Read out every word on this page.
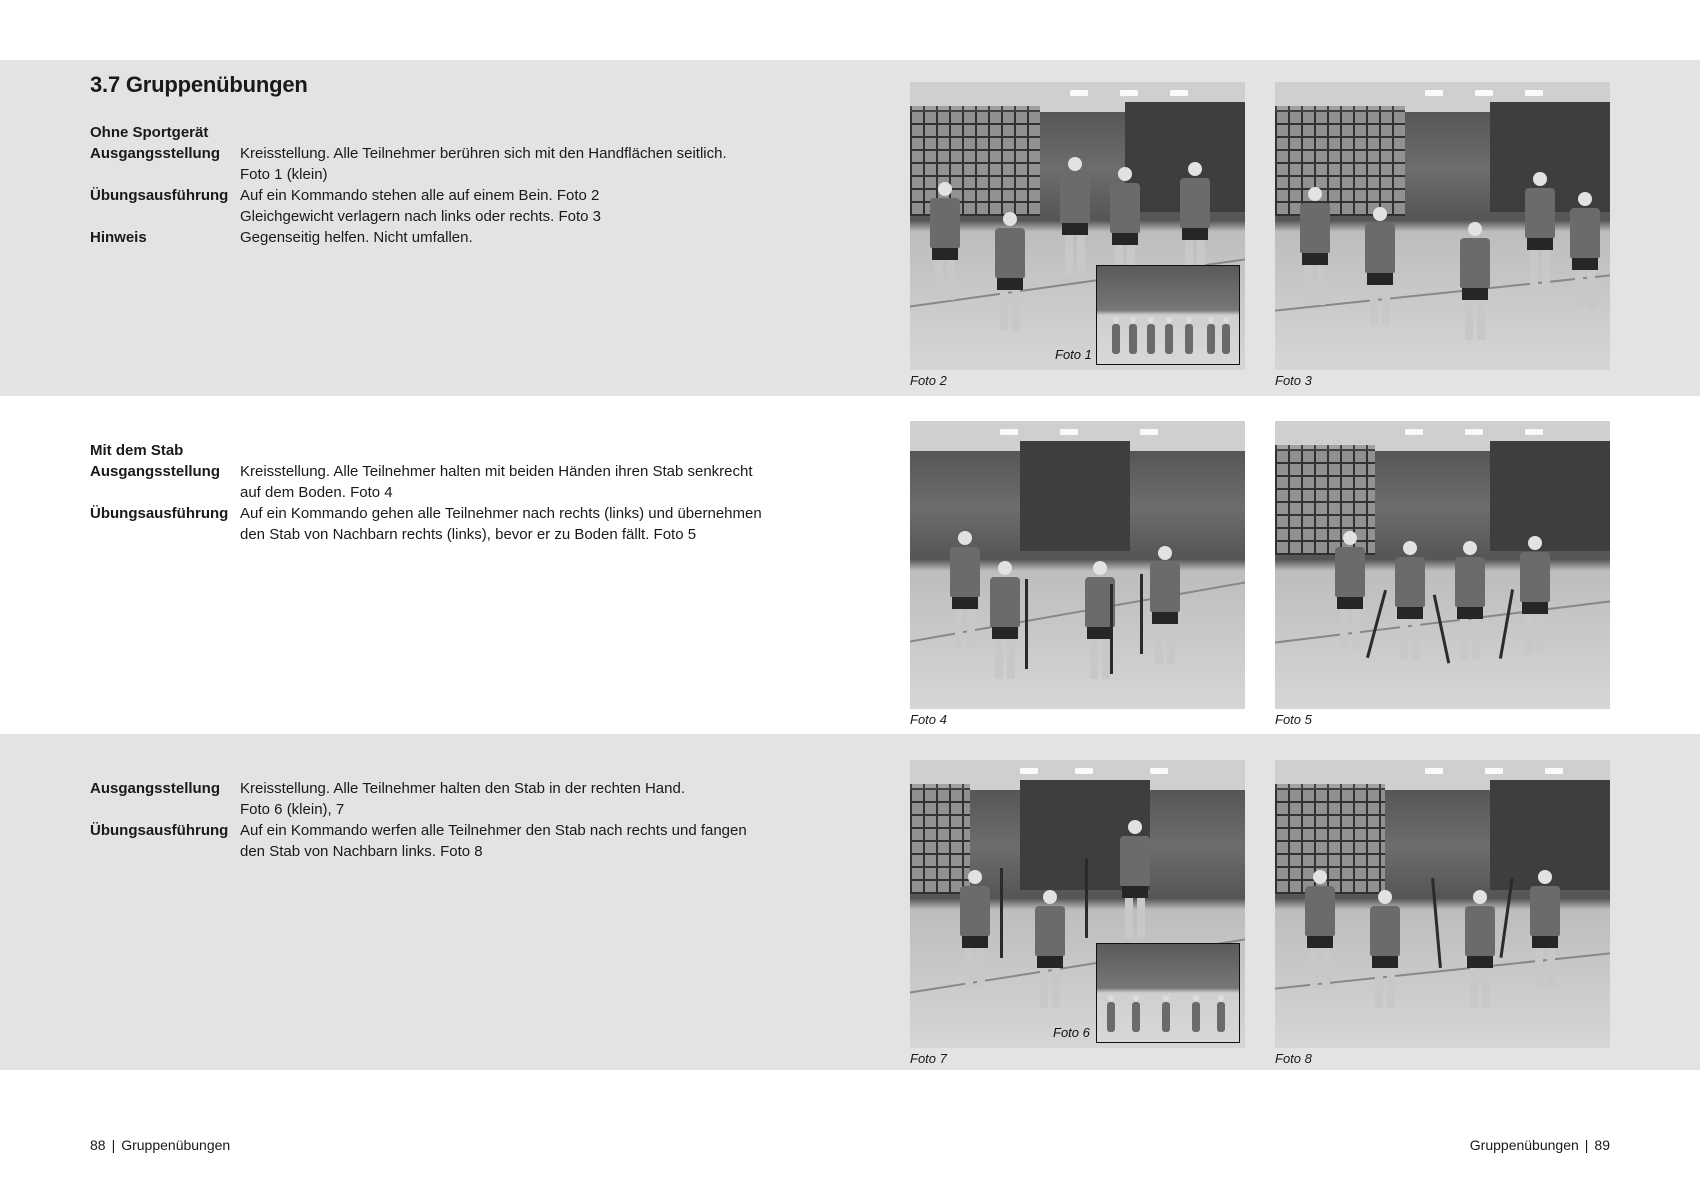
3.7 Gruppenübungen
Ohne Sportgerät
Ausgangsstellung	Kreisstellung. Alle Teilnehmer berühren sich mit den Handflächen seitlich.
Foto 1 (klein)
Übungsausführung Auf ein Kommando stehen alle auf einem Bein. Foto 2
Gleichgewicht verlagern nach links oder rechts. Foto 3
Hinweis	Gegenseitig helfen. Nicht umfallen.
Mit dem Stab
Ausgangsstellung	Kreisstellung. Alle Teilnehmer halten mit beiden Händen ihren Stab senkrecht
auf dem Boden. Foto 4
Übungsausführung Auf ein Kommando gehen alle Teilnehmer nach rechts (links) und übernehmen
den Stab von Nachbarn rechts (links), bevor er zu Boden fällt. Foto 5
Ausgangsstellung	Kreisstellung. Alle Teilnehmer halten den Stab in der rechten Hand.
Foto 6 (klein), 7
Übungsausführung Auf ein Kommando werfen alle Teilnehmer den Stab nach rechts und fangen
den Stab von Nachbarn links. Foto 8
Foto 1
Foto 2	Foto 3
Foto 4	Foto 5
Foto 6
Foto 7	Foto 8
88 | Gruppenübungen	Gruppenübungen | 89
